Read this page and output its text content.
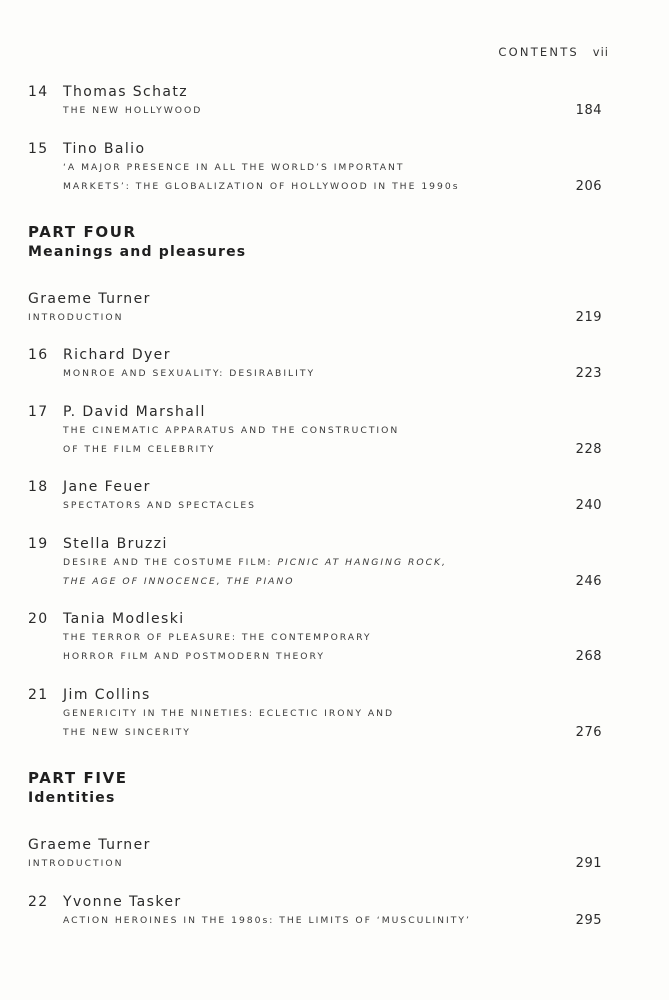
CONTENTS vii
14 Thomas Schatz
THE NEW HOLLYWOOD	184
15 Tino Balio
‘A MAJOR PRESENCE IN ALL THE WORLD’S IMPORTANT
MARKETS’: THE GLOBALIZATION OF HOLLYWOOD IN THE 1990s	206
PART FOUR
Meanings and pleasures
Graeme Turner
INTRODUCTION	219
16 Richard Dyer
MONROE AND SEXUALITY: DESIRABILITY	223
17 P. David Marshall
THE CINEMATIC APPARATUS AND THE CONSTRUCTION
OF THE FILM CELEBRITY	228
18 Jane Feuer
SPECTATORS AND SPECTACLES	240
19 Stella Bruzzi
DESIRE AND THE COSTUME FILM: PICNIC AT HANGING ROCK,
THE AGE OF INNOCENCE, THE PIANO	246
20 Tania Modleski
THE TERROR OF PLEASURE: THE CONTEMPORARY
HORROR FILM AND POSTMODERN THEORY	268
21 Jim Collins
GENERICITY IN THE NINETIES: ECLECTIC IRONY AND
THE NEW SINCERITY	276
PART FIVE
Identities
Graeme Turner
INTRODUCTION	291
22 Yvonne Tasker
ACTION HEROINES IN THE 1980s: THE LIMITS OF ‘MUSCULINITY’	295
